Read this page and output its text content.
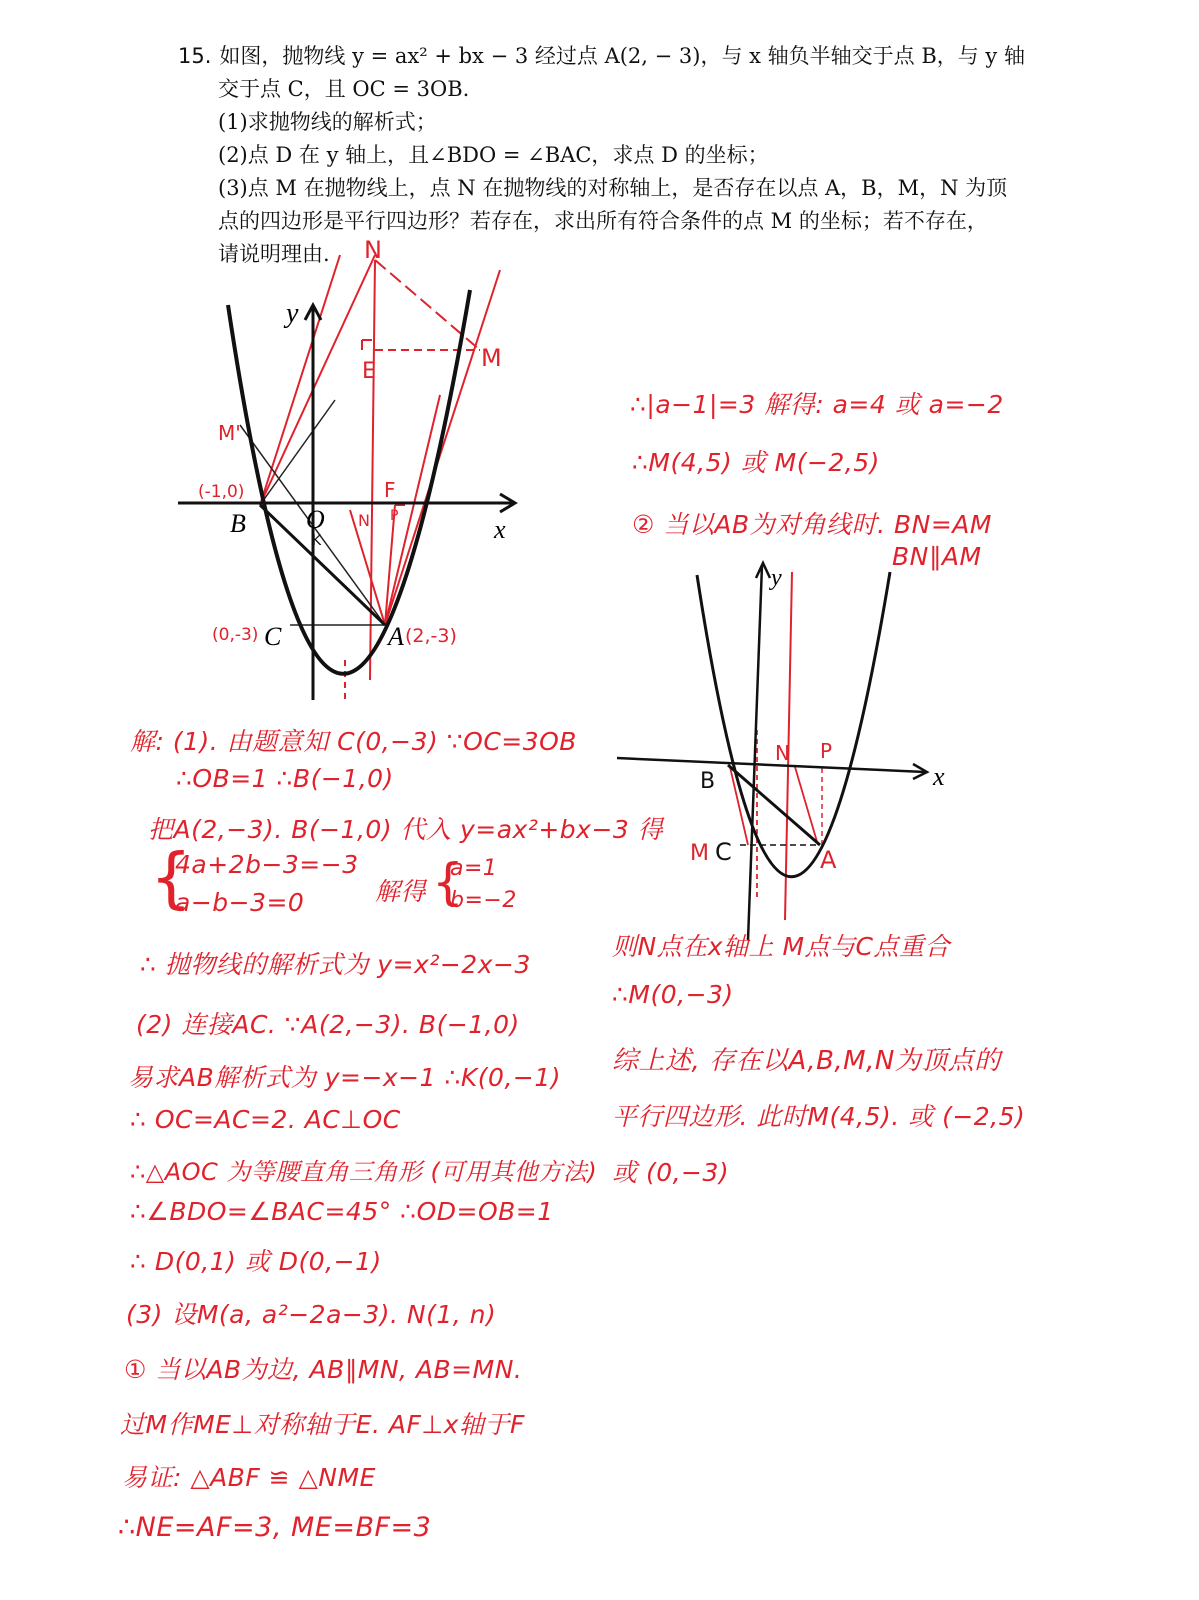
15. 如图，抛物线 y = ax² + bx − 3 经过点 A(2, − 3)，与 x 轴负半轴交于点 B，与 y 轴
交于点 C，且 OC = 3OB.
(1)求抛物线的解析式；
(2)点 D 在 y 轴上，且∠BDO = ∠BAC，求点 D 的坐标；
(3)点 M 在抛物线上，点 N 在抛物线的对称轴上，是否存在以点 A，B，M，N 为顶
点的四边形是平行四边形？若存在，求出所有符合条件的点 M 的坐标；若不存在，
请说明理由.
y
x
B O
C	A
K
N
E	M
F
N P
M'
(-1,0)
(0,-3)	(2,-3)
y
x
B
N P
M C	A
解: (1). 由题意知 C(0,−3) ∵OC=3OB
∴OB=1 ∴B(−1,0)
把A(2,−3). B(−1,0) 代入 y=ax²+bx−3 得
{
4a+2b−3=−3
a−b−3=0	解得 {
a=1
b=−2
∴ 抛物线的解析式为 y=x²−2x−3
(2) 连接AC. ∵A(2,−3). B(−1,0)
易求AB解析式为 y=−x−1 ∴K(0,−1)
∴ OC=AC=2. AC⊥OC
∴△AOC 为等腰直角三角形 (可用其他方法)
∴∠BDO=∠BAC=45° ∴OD=OB=1
∴ D(0,1) 或 D(0,−1)
(3) 设M(a, a²−2a−3). N(1, n)
① 当以AB为边, AB∥MN, AB=MN.
过M作ME⊥对称轴于E. AF⊥x轴于F
易证: △ABF ≌ △NME
∴NE=AF=3, ME=BF=3
∴|a−1|=3 解得: a=4 或 a=−2
∴M(4,5) 或 M(−2,5)
② 当以AB为对角线时. BN=AM
BN∥AM
则N点在x轴上 M点与C点重合
∴M(0,−3)
综上述, 存在以A,B,M,N为顶点的
平行四边形. 此时M(4,5). 或 (−2,5)
或 (0,−3)
